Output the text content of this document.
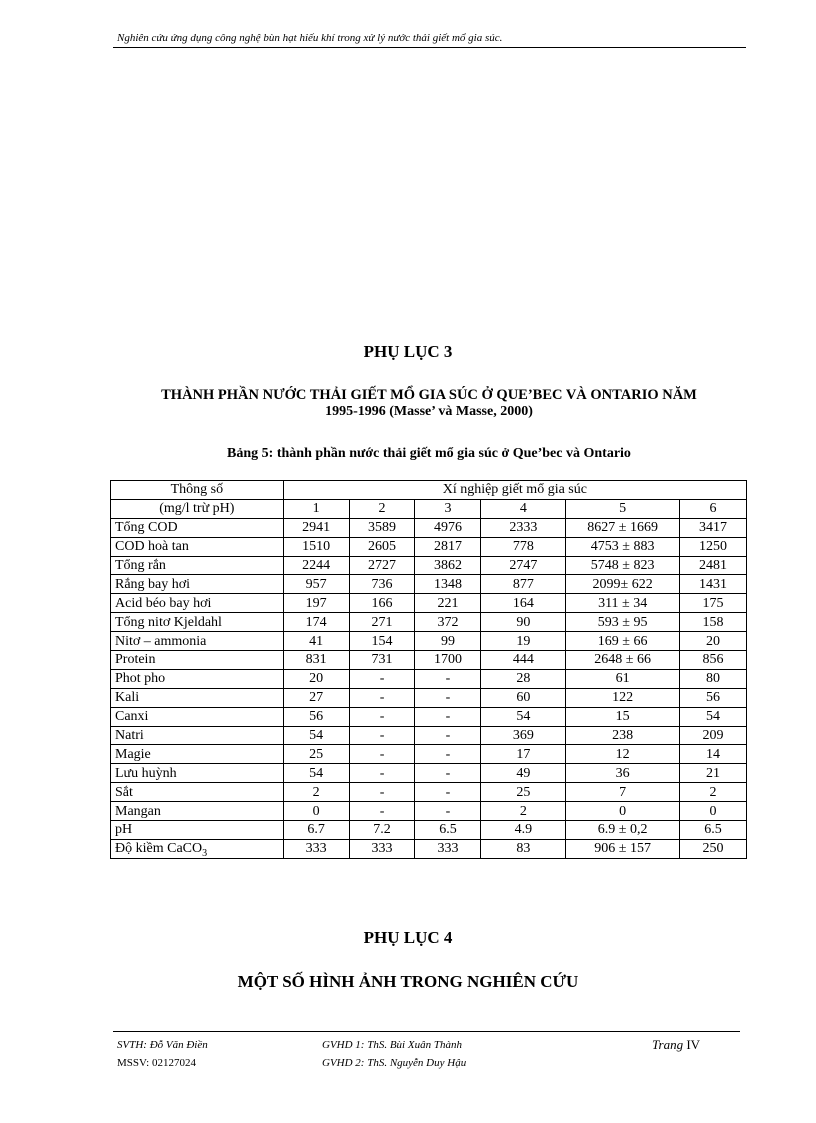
Nghiên cứu ứng dụng công nghệ bùn hạt hiếu khí trong xử lý nước thải giết mổ gia súc.
PHỤ LỤC 3
THÀNH PHẦN NƯỚC THẢI GIẾT MỔ GIA SÚC Ở QUE’BEC VÀ ONTARIO NĂM
1995-1996 (Masse’ và Masse, 2000)
Bảng 5: thành phần nước thải giết mổ gia súc ở Que’bec và Ontario
Thông số	Xí nghiệp giết mổ gia súc					
(mg/l trừ pH)	1	2	3	4	5	6
Tổng COD	2941	3589	4976	2333	8627 ± 1669	3417
COD hoà tan	1510	2605	2817	778	4753 ± 883	1250
Tổng rắn	2244	2727	3862	2747	5748 ± 823	2481
Rắng bay hơi	957	736	1348	877	2099± 622	1431
Acid béo bay hơi	197	166	221	164	311 ± 34	175
Tổng nitơ Kjeldahl	174	271	372	90	593 ± 95	158
Nitơ – ammonia	41	154	99	19	169 ± 66	20
Protein	831	731	1700	444	2648 ± 66	856
Phot pho	20	-	-	28	61	80
Kali	27	-	-	60	122	56
Canxi	56	-	-	54	15	54
Natri	54	-	-	369	238	209
Magie	25	-	-	17	12	14
Lưu huỳnh	54	-	-	49	36	21
Sắt	2	-	-	25	7	2
Mangan	0	-	-	2	0	0
pH	6.7	7.2	6.5	4.9	6.9 ± 0,2	6.5
Độ kiềm CaCO$_3$	333	333	333	83	906 ± 157	250
PHỤ LỤC 4
MỘT SỐ HÌNH ẢNH TRONG NGHIÊN CỨU
SVTH: Đỗ Văn Điền
MSSV: 02127024
GVHD 1: ThS. Bùi Xuân Thành
GVHD 2: ThS. Nguyễn Duy Hậu
Trang IV
